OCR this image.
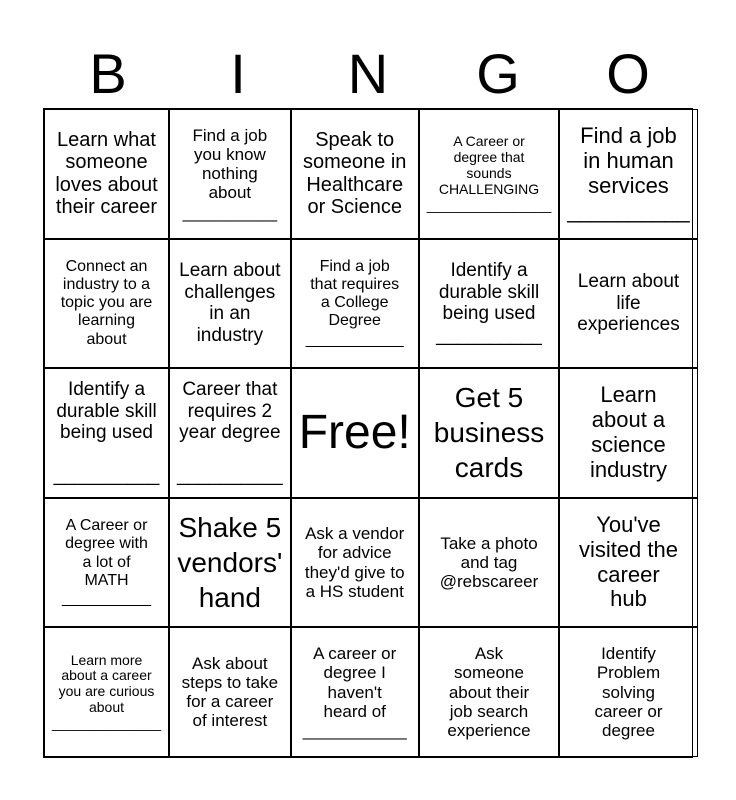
B	I	N	G	O
Learn what
someone
loves about
their career
Find a job
you know
nothing
about
__________
Speak to
someone in
Healthcare
or Science
A Career or
degree that
sounds
CHALLENGING
________________
Find a job
in human
services
__________
Connect an
industry to a
topic you are
learning
about
Learn about
challenges
in an
industry
Find a job
that requires
a College
Degree
___________
Identify a
durable skill
being used
__________
Learn about
life
experiences
Identify a
durable skill
being used

__________
Career that
requires 2
year degree

__________
Free!
Get 5
business
cards
Learn
about a
science
industry
A Career or
degree with
a lot of
MATH
__________
Shake 5
vendors'
hand
Ask a vendor
for advice
they'd give to
a HS student
Take a photo
and tag
@rebscareer
You've
visited the
career
hub
Learn more
about a career
you are curious
about
______________
Ask about
steps to take
for a career
of interest
A career or
degree I
haven't
heard of
___________
Ask
someone
about their
job search
experience
Identify
Problem
solving
career or
degree
